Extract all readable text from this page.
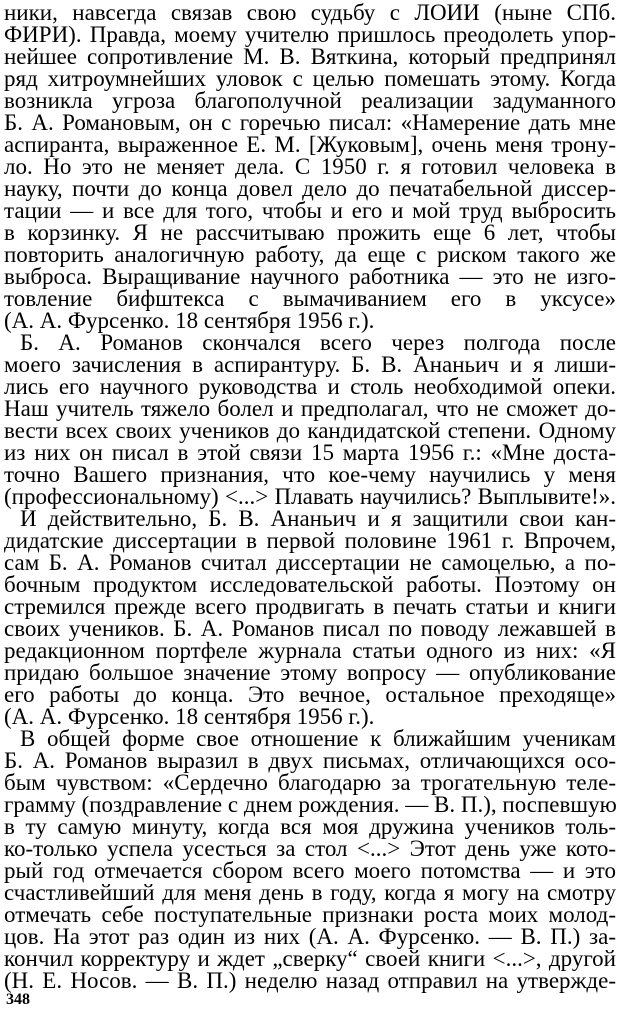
ники, навсегда связав свою судьбу с ЛОИИ (ныне СПб.
ФИРИ). Правда, моему учителю пришлось преодолеть упор-
нейшее сопротивление М. В. Вяткина, который предпринял
ряд хитроумнейших уловок с целью помешать этому. Когда
возникла угроза благополучной реализации задуманного
Б. А. Романовым, он с горечью писал: «Намерение дать мне
аспиранта, выраженное Е. М. [Жуковым], очень меня трону-
ло. Но это не меняет дела. С 1950 г. я готовил человека в
науку, почти до конца довел дело до печатабельной диссер-
тации — и все для того, чтобы и его и мой труд выбросить
в корзинку. Я не рассчитываю прожить еще 6 лет, чтобы
повторить аналогичную работу, да еще с риском такого же
выброса. Выращивание научного работника — это не изго-
товление бифштекса с вымачиванием его в уксусе»
(А. А. Фурсенко. 18 сентября 1956 г.).
Б. А. Романов скончался всего через полгода после
моего зачисления в аспирантуру. Б. В. Ананьич и я лиши-
лись его научного руководства и столь необходимой опеки.
Наш учитель тяжело болел и предполагал, что не сможет до-
вести всех своих учеников до кандидатской степени. Одному
из них он писал в этой связи 15 марта 1956 г.: «Мне доста-
точно Вашего признания, что кое-чему научились у меня
(профессиональному) <...> Плавать научились? Выплывите!».
И действительно, Б. В. Ананьич и я защитили свои кан-
дидатские диссертации в первой половине 1961 г. Впрочем,
сам Б. А. Романов считал диссертации не самоцелью, а по-
бочным продуктом исследовательской работы. Поэтому он
стремился прежде всего продвигать в печать статьи и книги
своих учеников. Б. А. Романов писал по поводу лежавшей в
редакционном портфеле журнала статьи одного из них: «Я
придаю большое значение этому вопросу — опубликование
его работы до конца. Это вечное, остальное преходяще»
(А. А. Фурсенко. 18 сентября 1956 г.).
В общей форме свое отношение к ближайшим ученикам
Б. А. Романов выразил в двух письмах, отличающихся осо-
бым чувством: «Сердечно благодарю за трогательную теле-
грамму (поздравление с днем рождения. — В. П.), поспевшую
в ту самую минуту, когда вся моя дружина учеников толь-
ко-только успела усесться за стол <...> Этот день уже кото-
рый год отмечается сбором всего моего потомства — и это
счастливейший для меня день в году, когда я могу на смотру
отмечать себе поступательные признаки роста моих молод-
цов. На этот раз один из них (А. А. Фурсенко. — В. П.) за-
кончил корректуру и ждет „сверку“ своей книги <...>, другой
(Н. Е. Носов. — В. П.) неделю назад отправил на утвержде-
348
